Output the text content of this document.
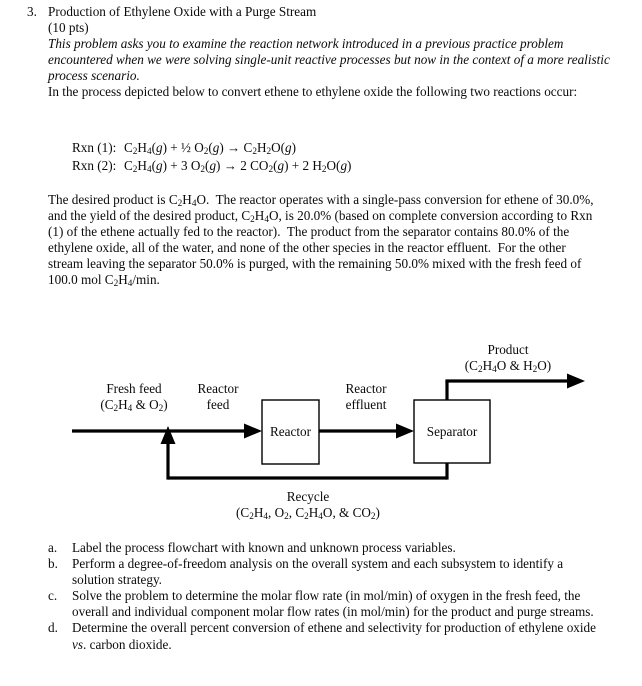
3. Production of Ethylene Oxide with a Purge Stream
(10 pts)
This problem asks you to examine the reaction network introduced in a previous practice problem encountered when we were solving single-unit reactive processes but now in the context of a more realistic process scenario.
In the process depicted below to convert ethene to ethylene oxide the following two reactions occur:
Rxn (1): $C_2H_4(g)$ + ½ $O_2(g) \to C_2H_2O(g)$
Rxn (2): $C_2H_4(g) + 3$ $O_2(g) \to 2$ $CO_2(g) + 2$ $H_2O(g)$
The desired product is $C_2H_4O$.  The reactor operates with a single-pass conversion for ethene of 30.0%, and the yield of the desired product, $C_2H_4O$, is 20.0% (based on complete conversion according to Rxn (1) of the ethene actually fed to the reactor).  The product from the separator contains 80.0% of the ethylene oxide, all of the water, and none of the other species in the reactor effluent.  For the other stream leaving the separator 50.0% is purged, with the remaining 50.0% mixed with the fresh feed of 100.0 mol $C_2H_4/\min$.
Reactor	Separator
Fresh feed
($C_2H_4$ & $O_2$)
Reactor
feed
Reactor
effluent
Product
($C_2H_4O$ & $H_2O$)
Recycle
($C_2H_4$, $O_2$, $C_2H_4O$, & $CO_2$)
a.	Label the process flowchart with known and unknown process variables.
b.	Perform a degree-of-freedom analysis on the overall system and each subsystem to identify a solution strategy.
c.	Solve the problem to determine the molar flow rate (in mol/min) of oxygen in the fresh feed, the overall and individual component molar flow rates (in mol/min) for the product and purge streams.
d.	Determine the overall percent conversion of ethene and selectivity for production of ethylene oxide vs. carbon dioxide.
